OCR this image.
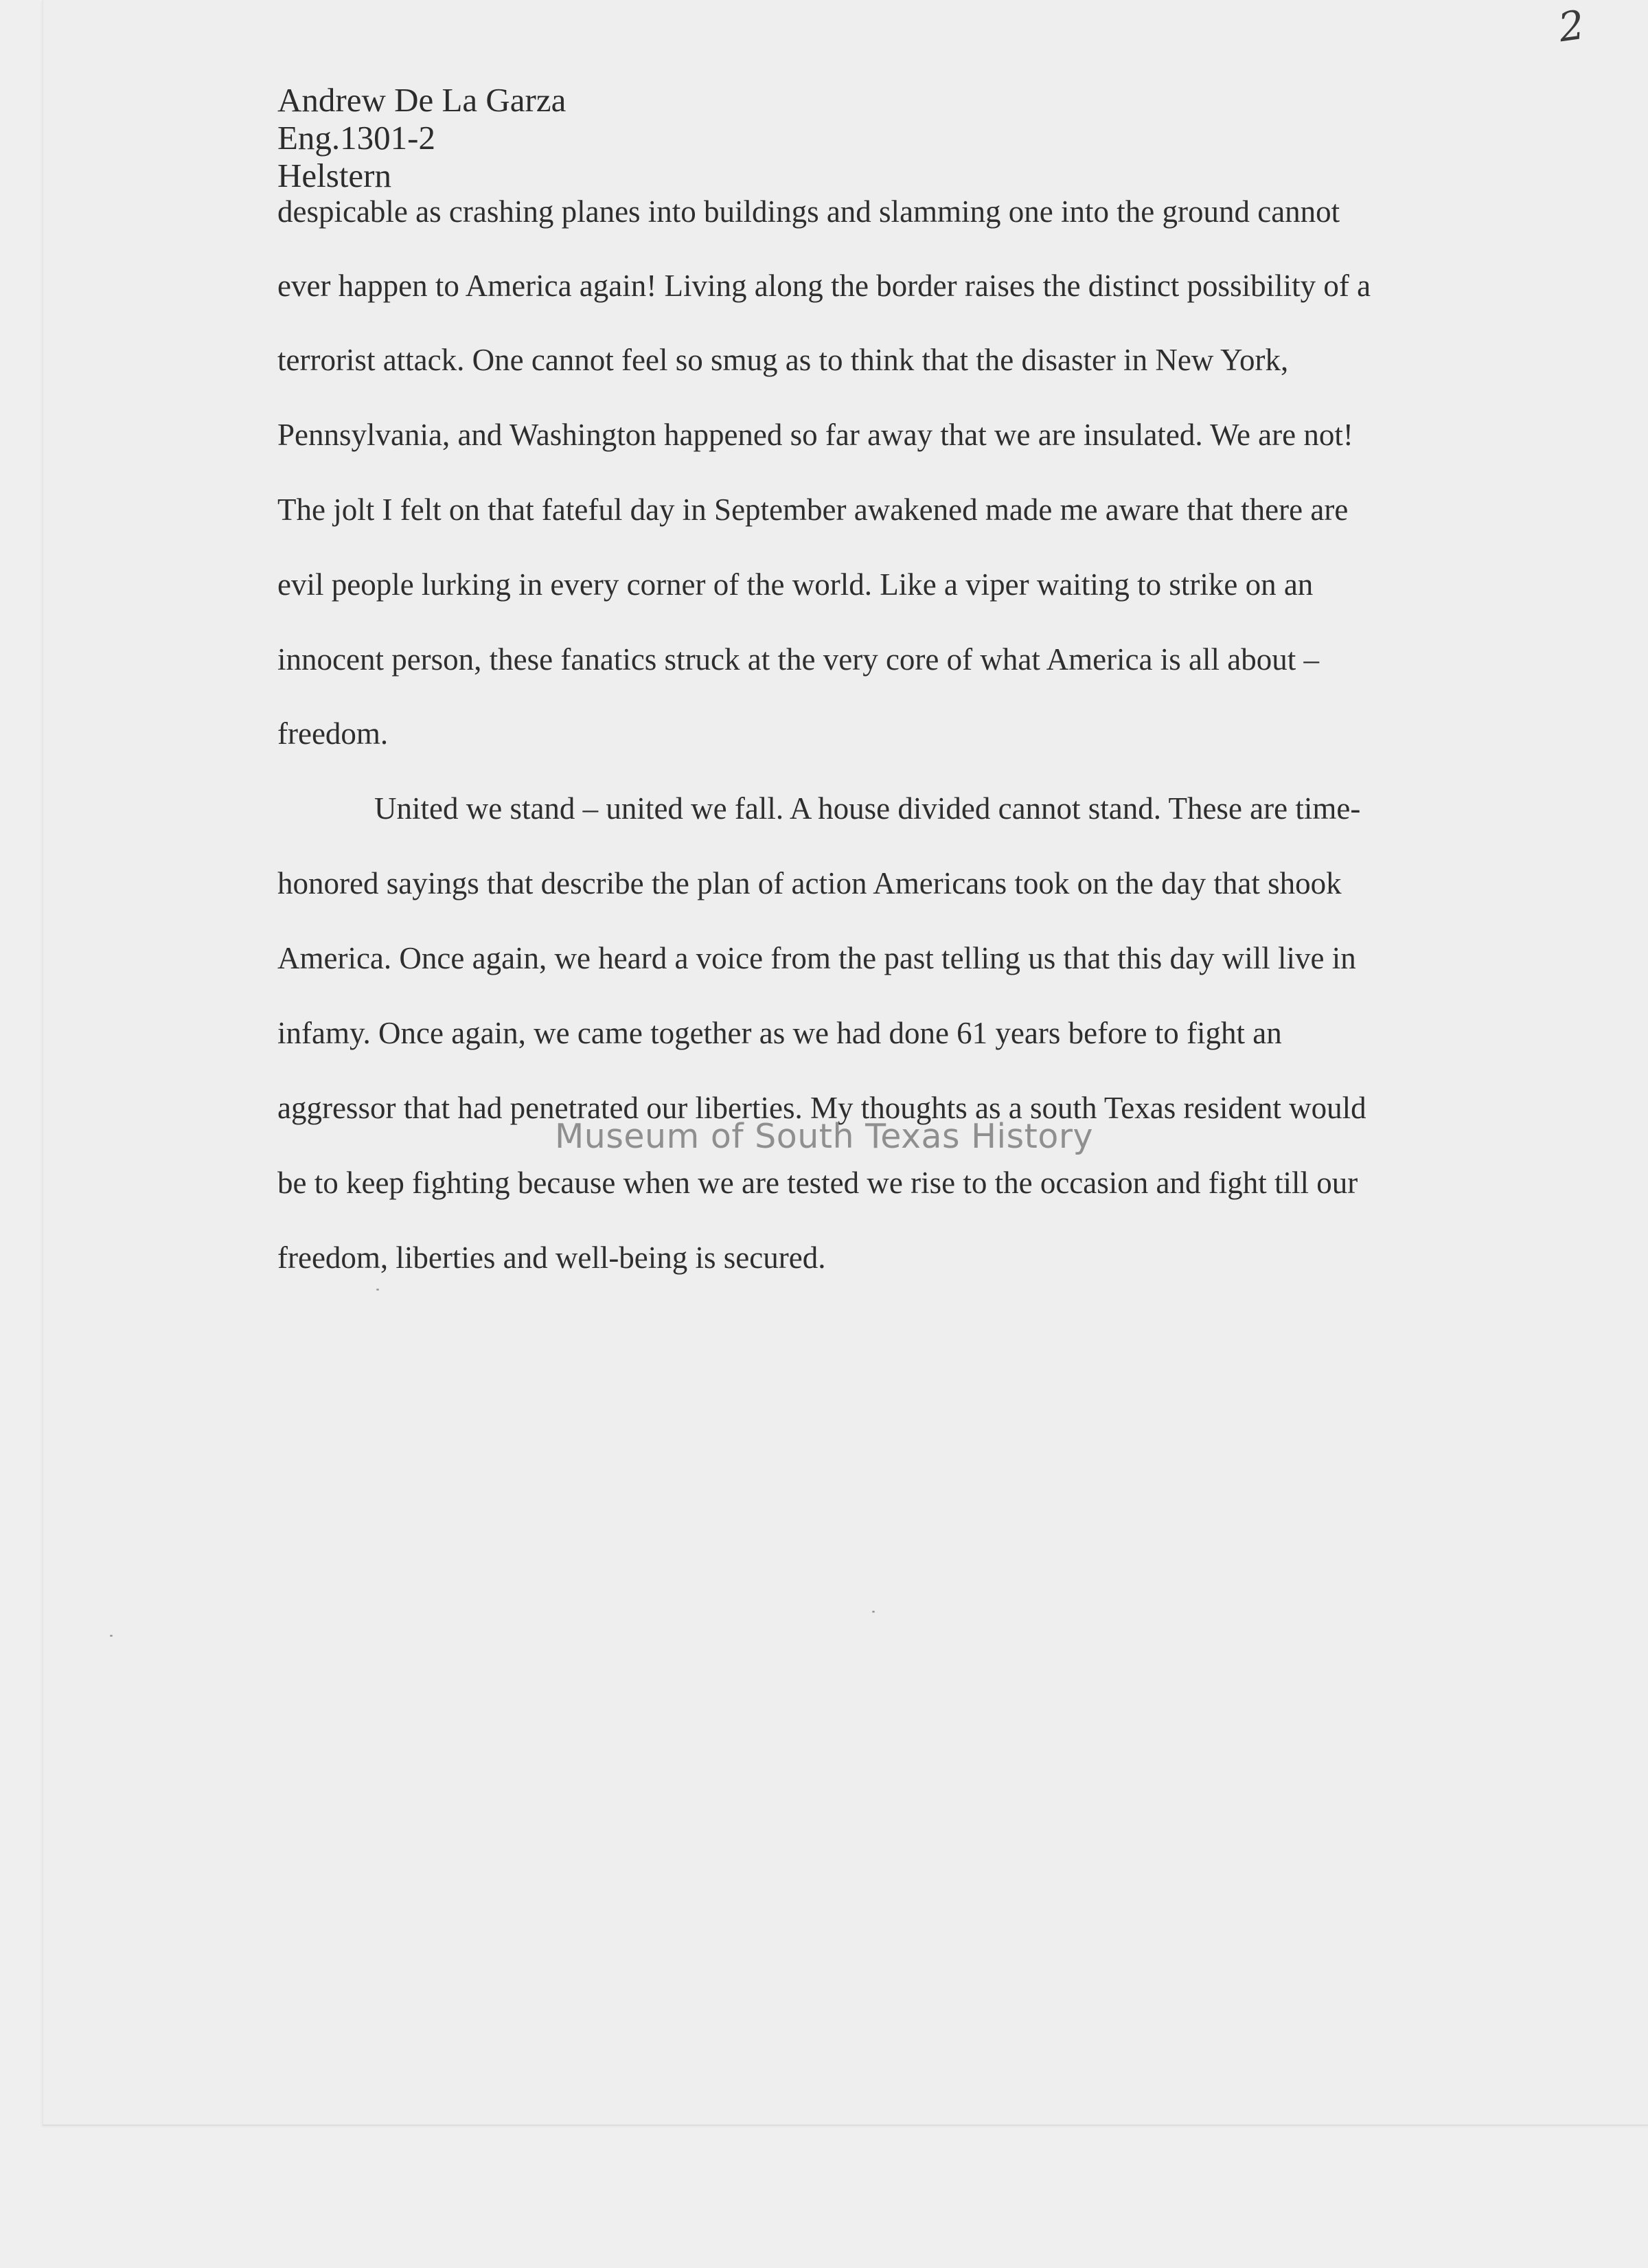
2
Andrew De La Garza
Eng.1301-2
Helstern
despicable as crashing planes into buildings and slamming one into the ground cannot
ever happen to America again! Living along the border raises the distinct possibility of a
terrorist attack. One cannot feel so smug as to think that the disaster in New York,
Pennsylvania, and Washington happened so far away that we are insulated. We are not!
The jolt I felt on that fateful day in September awakened made me aware that there are
evil people lurking in every corner of the world. Like a viper waiting to strike on an
innocent person, these fanatics struck at the very core of what America is all about –
freedom.
United we stand – united we fall. A house divided cannot stand. These are time-
honored sayings that describe the plan of action Americans took on the day that shook
America. Once again, we heard a voice from the past telling us that this day will live in
infamy. Once again, we came together as we had done 61 years before to fight an
aggressor that had penetrated our liberties. My thoughts as a south Texas resident would
be to keep fighting because when we are tested we rise to the occasion and fight till our
freedom, liberties and well-being is secured.
Museum of South Texas History
